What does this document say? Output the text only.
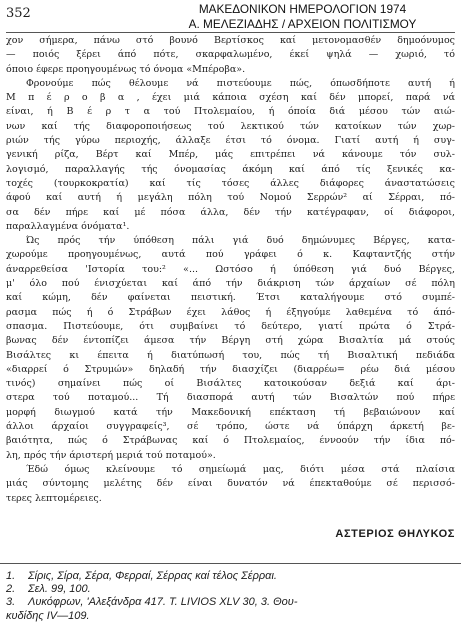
352	ΜΑΚΕΔΟΝΙΚΟΝ ΗΜΕΡΟΛΟΓΙΟΝ 1974
Α. ΜΕΛΕΖΙΑΔΗΣ / ΑΡΧΕΙΟΝ ΠΟΛΙΤΙΣΜΟΥ
χον σήμερα, πάνω στό βουνό Βερτίσκος καί μετονομασθέν δημοόνυμος
— ποιός ξέρει άπό πότε, σκαρφαλωμένο, έκεί ψηλά — χωριό, τό
όποιο έφερε προηγουμένως τό όνομα «Μπέροβα».
Φρονούμε πώς θέλουμε νά πιστεύουμε πώς, όπωσδήποτε αυτή ή
Μ π έ ρ ο β α , έχει μιά κάποια σχέση καί δέν μπορεί, παρά νά
είναι, ή Β έ ρ τ α τού Πτολεμαίου, ή όποία διά μέσου τών αιώ-
νων καί τής διαφοροποιήσεως τού λεκτικού τών κατοίκων τών χωρ-
ριών τής γύρω περιοχής, άλλαξε έτσι τό όνομα. Γιατί αυτή ή συγ-
γενική ρίζα, Βέρτ καί Μπέρ, μάς επιτρέπει νά κάνουμε τόν συλ-
λογισμό, παραλλαγής τής όνομασίας άκόμη καί άπό τίς ξενικές κα-
τοχές (τουρκοκρατία) καί τίς τόσες άλλες διάφορες άναστατώσεις
άφού καί αυτή ή μεγάλη πόλη τού Νομού Σερρών² αί Σέρραι, πό-
σα δέν πήρε καί μέ πόσα άλλα, δέν τήν κατέγραφαν, οί διάφοροι,
παραλλαγμένα όνόματα¹.
Ώς πρός τήν ύπόθεση πάλι γιά δυό δημώνυμες Βέργες, κατα-
χωρούμε προηγουμένως, αυτά πού γράφει ό κ. Καφταντζής στήν
άναρρεθείσα 'Ιστορία του:² «... Ωστόσο ή ύπόθεση γιά δυό Βέργες,
μ' όλο πού ένισχύεται καί άπό τήν διάκριση τών άρχαίων σέ πόλη
καί κώμη, δέν φαίνεται πειστική. Έτσι καταλήγουμε στό συμπέ-
ρασμα πώς ή ό Στράβων έχει λάθος ή έξηγούμε λαθεμένα τό άπό-
σπασμα. Πιστεύουμε, ότι συμβαίνει τό δεύτερο, γιατί πρώτα ό Στρά-
βωνας δέν έντοπίζει άμεσα τήν Βέργη στή χώρα Βισαλτία μά στούς
Βισάλτες κι έπειτα ή διατύπωσή του, πώς τή Βισαλτική πεδιάδα
«διαρρεί ό Στρυμών» δηλαδή τήν διασχίζει (διαρρέω= ρέω διά μέσου
τινός) σημαίνει πώς οί Βισάλτες κατοικούσαν δεξιά καί άρι-
στερα τού ποταμού... Τή διασπορά αυτή τών Βισαλτών πού πήρε
μορφή διωγμού κατά τήν Μακεδονική επέκταση τή βεβαιώνουν καί
άλλοι άρχαίοι συγγραφείς³, σέ τρόπο, ώστε νά ύπάρχη άρκετή βε-
βαιότητα, πώς ό Στράβωνας καί ό Πτολεμαίος, έννοούν τήν ίδια πό-
λη, πρός τήν άριστερή μεριά τού ποταμού».
Έδώ όμως κλείνουμε τό σημείωμά μας, διότι μέσα στά πλαίσια
μιάς σύντομης μελέτης δέν είναι δυνατόν νά έπεκταθούμε σέ περισσό-
τερες λεπτομέρειες.
ΑΣΤΕΡΙΟΣ ΘΗΛΥΚΟΣ
1.	Σίρις, Σίρα, Σέρα, Φερραί, Σέρρας καί τέλος Σέρραι.
2.	Σελ. 99, 100.
3.	Λυκόφρων, 'Αλεξάνδρα 417. T. LIVIOS XLV 30, 3. Θου-
κυδίδης IV—109.
